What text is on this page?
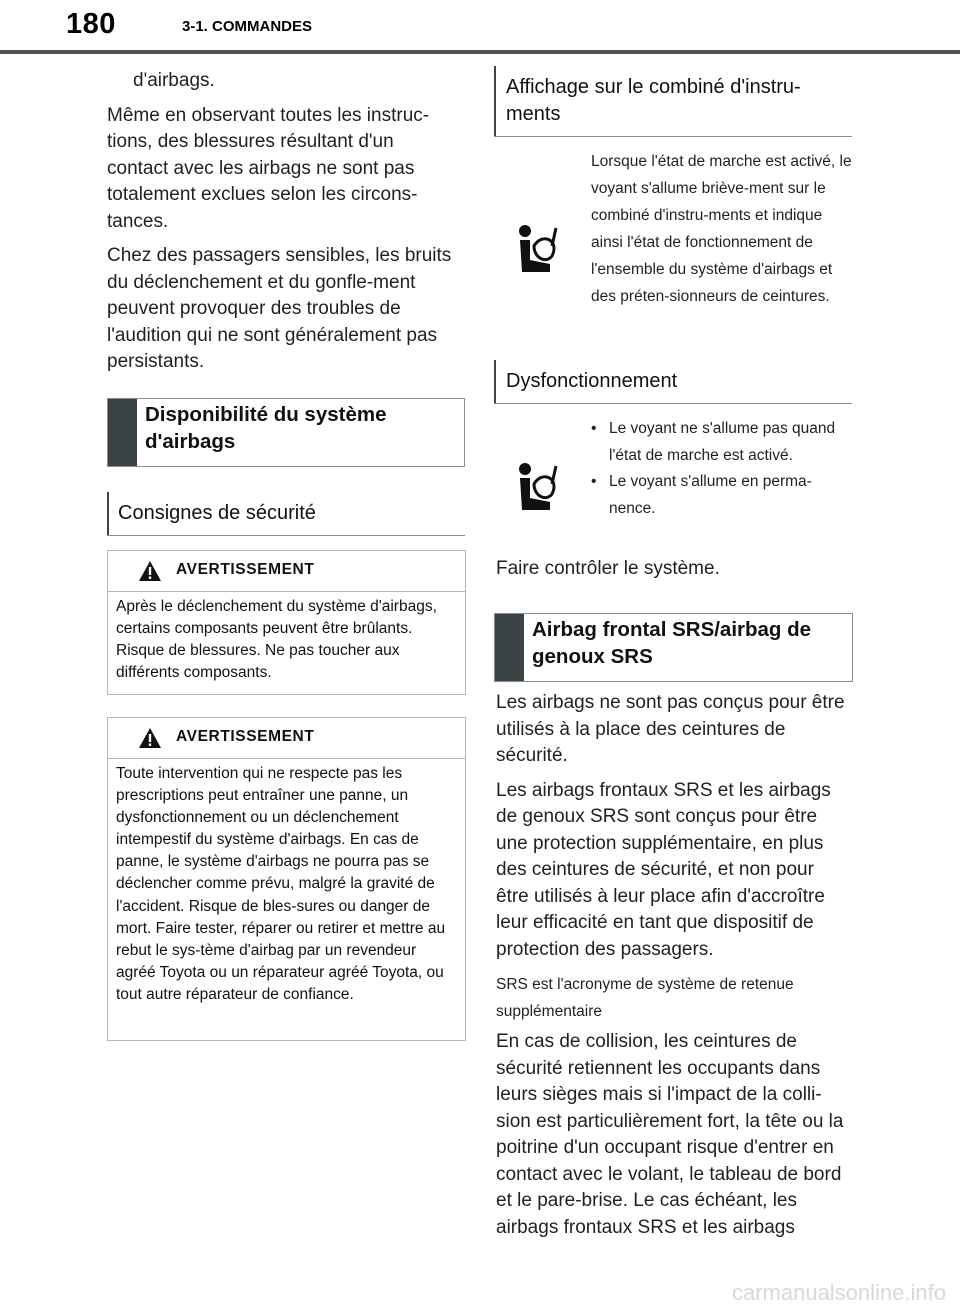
180	3-1. COMMANDES

d'airbags.

Même en observant toutes les instruc-tions, des blessures résultant d'un contact avec les airbags ne sont pas totalement exclues selon les circons-tances.

Chez des passagers sensibles, les bruits du déclenchement et du gonfle-ment peuvent provoquer des troubles de l'audition qui ne sont généralement pas persistants.

Disponibilité du système d'airbags
Consignes de sécurité
AVERTISSEMENT
Après le déclenchement du système d'airbags, certains composants peuvent être brûlants. Risque de blessures. Ne pas toucher aux différents composants.
AVERTISSEMENT
Toute intervention qui ne respecte pas les prescriptions peut entraîner une panne, un dysfonctionnement ou un déclenchement intempestif du système d'airbags. En cas de panne, le système d'airbags ne pourra pas se déclencher comme prévu, malgré la gravité de l'accident. Risque de bles-sures ou danger de mort. Faire tester, réparer ou retirer et mettre au rebut le sys-tème d'airbag par un revendeur agréé Toyota ou un réparateur agréé Toyota, ou tout autre réparateur de confiance.
Affichage sur le combiné d'instru-ments
Lorsque l'état de marche est activé, le voyant s'allume briève-ment sur le combiné d'instru-ments et indique ainsi l'état de fonctionnement de l'ensemble du système d'airbags et des préten-sionneurs de ceintures.
Dysfonctionnement
• Le voyant ne s'allume pas quand l'état de marche est activé.
• Le voyant s'allume en perma-nence.
Faire contrôler le système.
Airbag frontal SRS/airbag de genoux SRS

Les airbags ne sont pas conçus pour être utilisés à la place des ceintures de sécurité.

Les airbags frontaux SRS et les airbags de genoux SRS sont conçus pour être une protection supplémentaire, en plus des ceintures de sécurité, et non pour être utilisés à leur place afin d'accroître leur efficacité en tant que dispositif de protection des passagers.

SRS est l'acronyme de système de retenue supplémentaire

En cas de collision, les ceintures de sécurité retiennent les occupants dans leurs sièges mais si l'impact de la colli-sion est particulièrement fort, la tête ou la poitrine d'un occupant risque d'entrer en contact avec le volant, le tableau de bord et le pare-brise. Le cas échéant, les airbags frontaux SRS et les airbags

carmanualsonline.info
